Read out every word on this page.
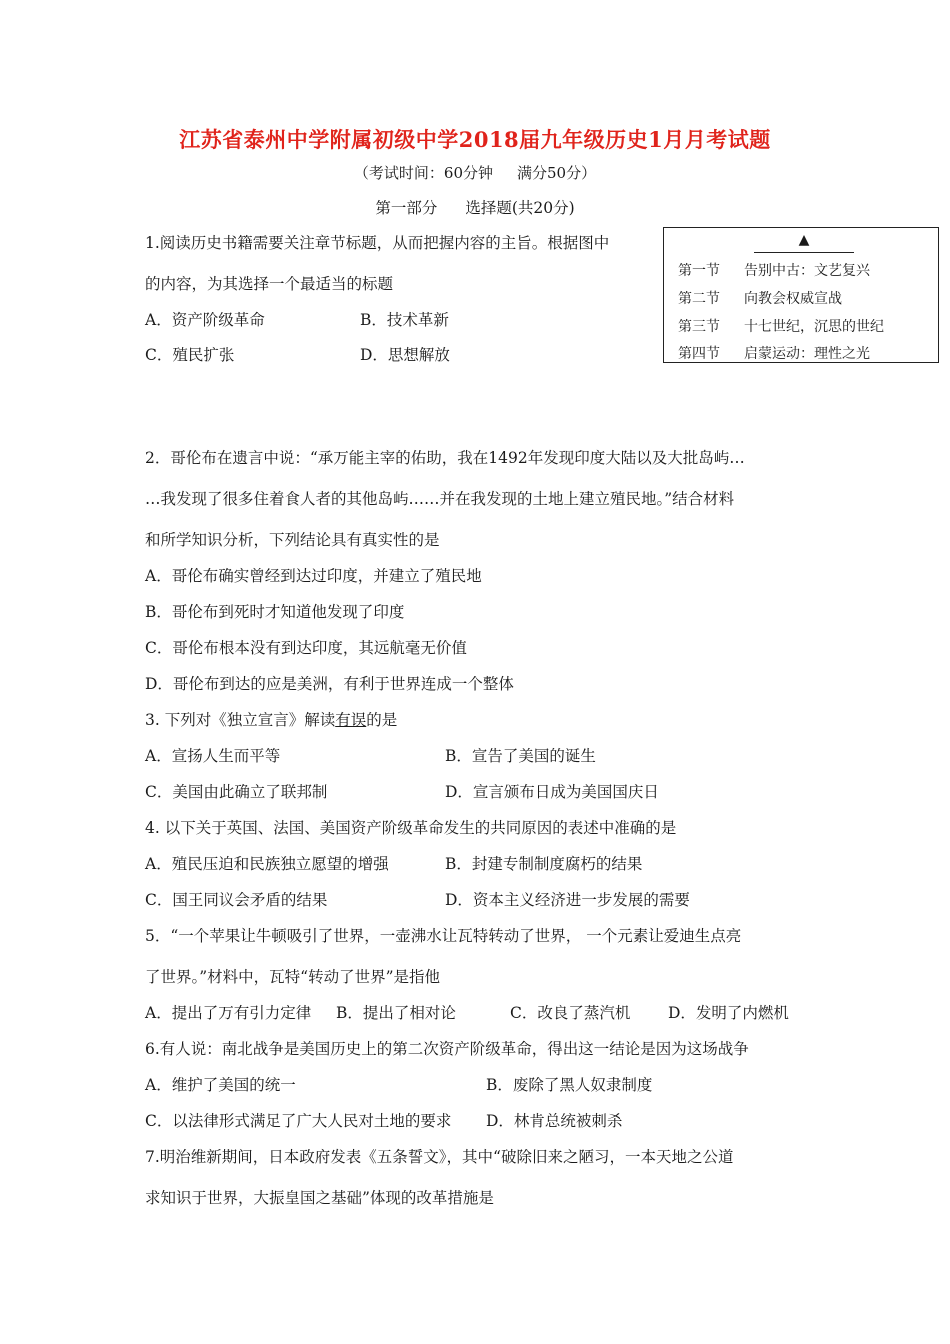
江苏省泰州中学附属初级中学2018届九年级历史1月月考试题
（考试时间：60分钟 满分50分）
第一部分 选择题(共20分)
1.阅读历史书籍需要关注章节标题，从而把握内容的主旨。根据图中
的内容，为其选择一个最适当的标题
A．资产阶级革命	B．技术革新
C．殖民扩张	D．思想解放
▲
第一节 告别中古：文艺复兴
第二节 向教会权威宣战
第三节 十七世纪，沉思的世纪
第四节 启蒙运动：理性之光
2．哥伦布在遗言中说：“承万能主宰的佑助，我在1492年发现印度大陆以及大批岛屿…
…我发现了很多住着食人者的其他岛屿……并在我发现的土地上建立殖民地。”结合材料
和所学知识分析，下列结论具有真实性的是
A．哥伦布确实曾经到达过印度，并建立了殖民地
B．哥伦布到死时才知道他发现了印度
C．哥伦布根本没有到达印度，其远航毫无价值
D．哥伦布到达的应是美洲，有利于世界连成一个整体
3. 下列对《独立宣言》解读有误的是
A．宣扬人生而平等	B．宣告了美国的诞生
C．美国由此确立了联邦制	D．宣言颁布日成为美国国庆日
4. 以下关于英国、法国、美国资产阶级革命发生的共同原因的表述中准确的是
A．殖民压迫和民族独立愿望的增强	B．封建专制制度腐朽的结果
C．国王同议会矛盾的结果	D．资本主义经济进一步发展的需要
5．“一个苹果让牛顿吸引了世界，一壶沸水让瓦特转动了世界， 一个元素让爱迪生点亮
了世界。”材料中，瓦特“转动了世界”是指他
A．提出了万有引力定律 B．提出了相对论	C．改良了蒸汽机 D．发明了内燃机
6.有人说：南北战争是美国历史上的第二次资产阶级革命，得出这一结论是因为这场战争
A．维护了美国的统一	B．废除了黑人奴隶制度
C．以法律形式满足了广大人民对土地的要求 D．林肯总统被刺杀
7.明治维新期间，日本政府发表《五条誓文》，其中“破除旧来之陋习，一本天地之公道
求知识于世界，大振皇国之基础”体现的改革措施是
